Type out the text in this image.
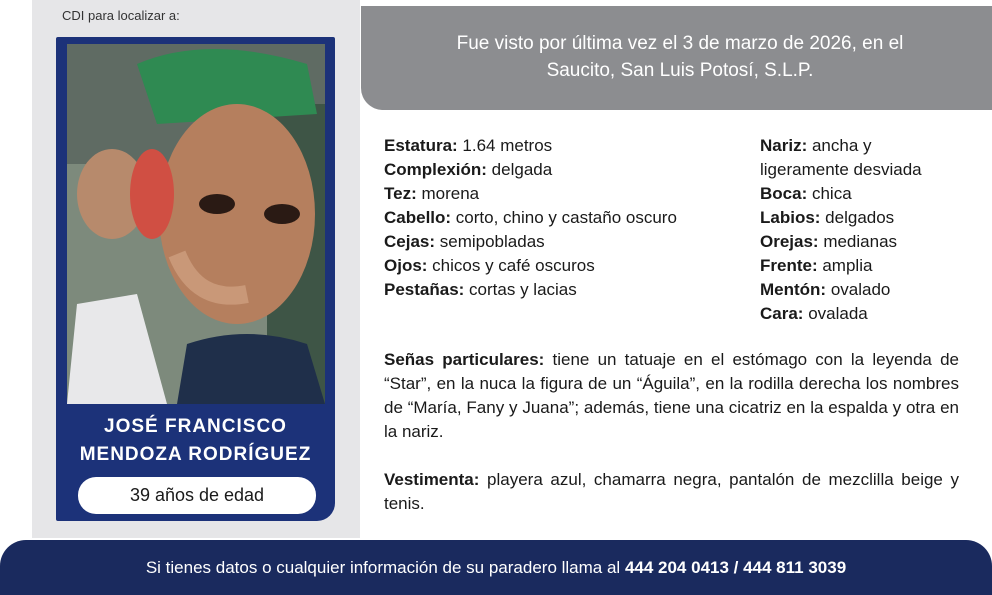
CDI para localizar a:
JOSÉ FRANCISCO
MENDOZA RODRÍGUEZ
39 años de edad
Fue visto por última vez el 3 de marzo de 2026, en el
Saucito, San Luis Potosí, S.L.P.
Estatura: 1.64 metros
Complexión: delgada
Tez: morena
Cabello: corto, chino y castaño oscuro
Cejas: semipobladas
Ojos: chicos y café oscuros
Pestañas: cortas y lacias
Nariz: ancha y
ligeramente desviada
Boca: chica
Labios: delgados
Orejas: medianas
Frente: amplia
Mentón: ovalado
Cara: ovalada
Señas particulares: tiene un tatuaje en el estómago con la leyenda de “Star”, en la nuca la figura de un “Águila”, en la rodilla derecha los nombres de “María, Fany y Juana”; además, tiene una cicatriz en la espalda y otra en la nariz.
Vestimenta: playera azul, chamarra negra, pantalón de mezclilla beige y tenis.
Si tienes datos o cualquier información de su paradero llama al 444 204 0413 / 444 811 3039
